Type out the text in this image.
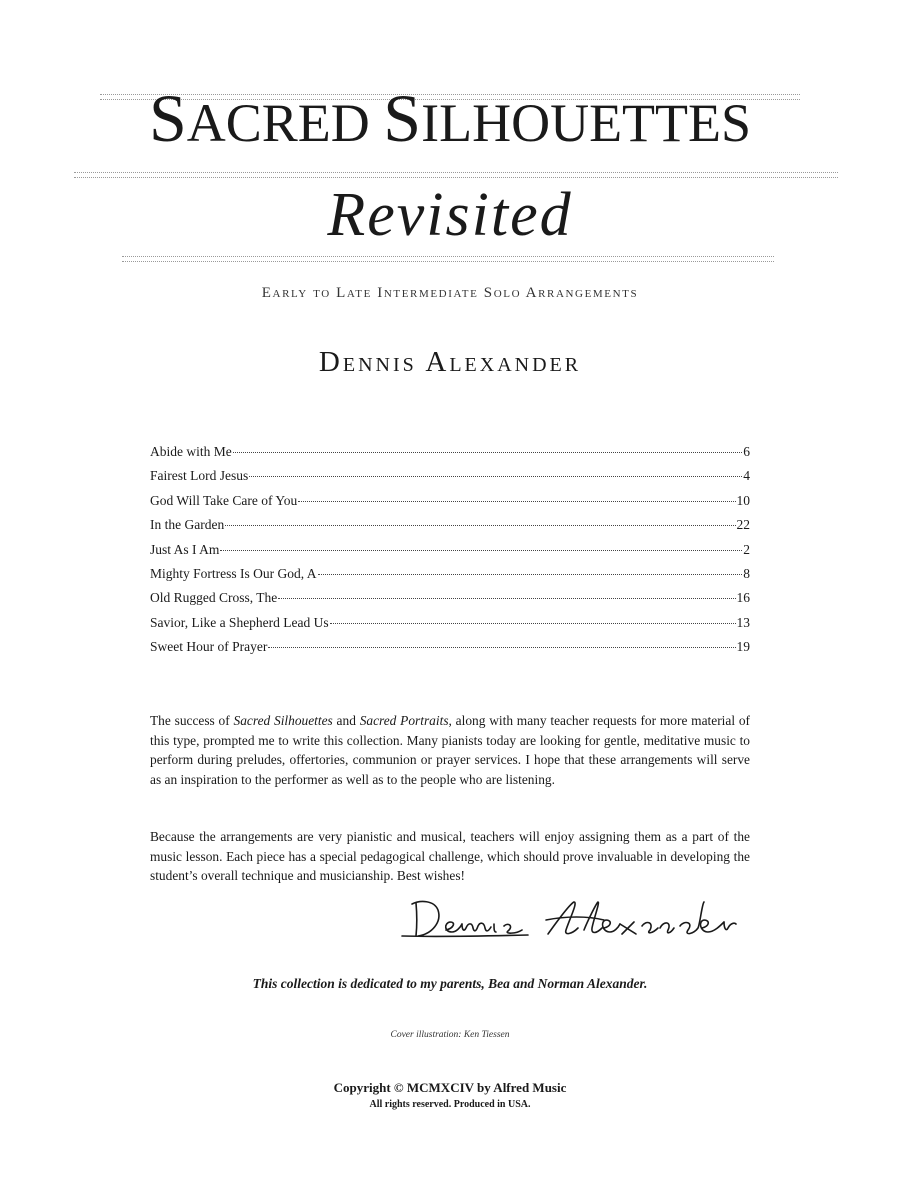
SACRED SILHOUETTES
Revisited
Early to Late Intermediate Solo Arrangements
Dennis Alexander
Abide with Me	6
Fairest Lord Jesus	4
God Will Take Care of You	10
In the Garden	22
Just As I Am	2
Mighty Fortress Is Our God, A	8
Old Rugged Cross, The	16
Savior, Like a Shepherd Lead Us	13
Sweet Hour of Prayer	19
The success of Sacred Silhouettes and Sacred Portraits, along with many teacher requests for more material of this type, prompted me to write this collection. Many pianists today are looking for gentle, meditative music to perform during preludes, offertories, communion or prayer services. I hope that these arrangements will serve as an inspiration to the performer as well as to the people who are listening.
Because the arrangements are very pianistic and musical, teachers will enjoy assigning them as a part of the music lesson. Each piece has a special pedagogical challenge, which should prove invaluable in developing the student’s overall technique and musicianship. Best wishes!
This collection is dedicated to my parents, Bea and Norman Alexander.
Cover illustration: Ken Tiessen
Copyright © MCMXCIV by Alfred Music
All rights reserved. Produced in USA.
